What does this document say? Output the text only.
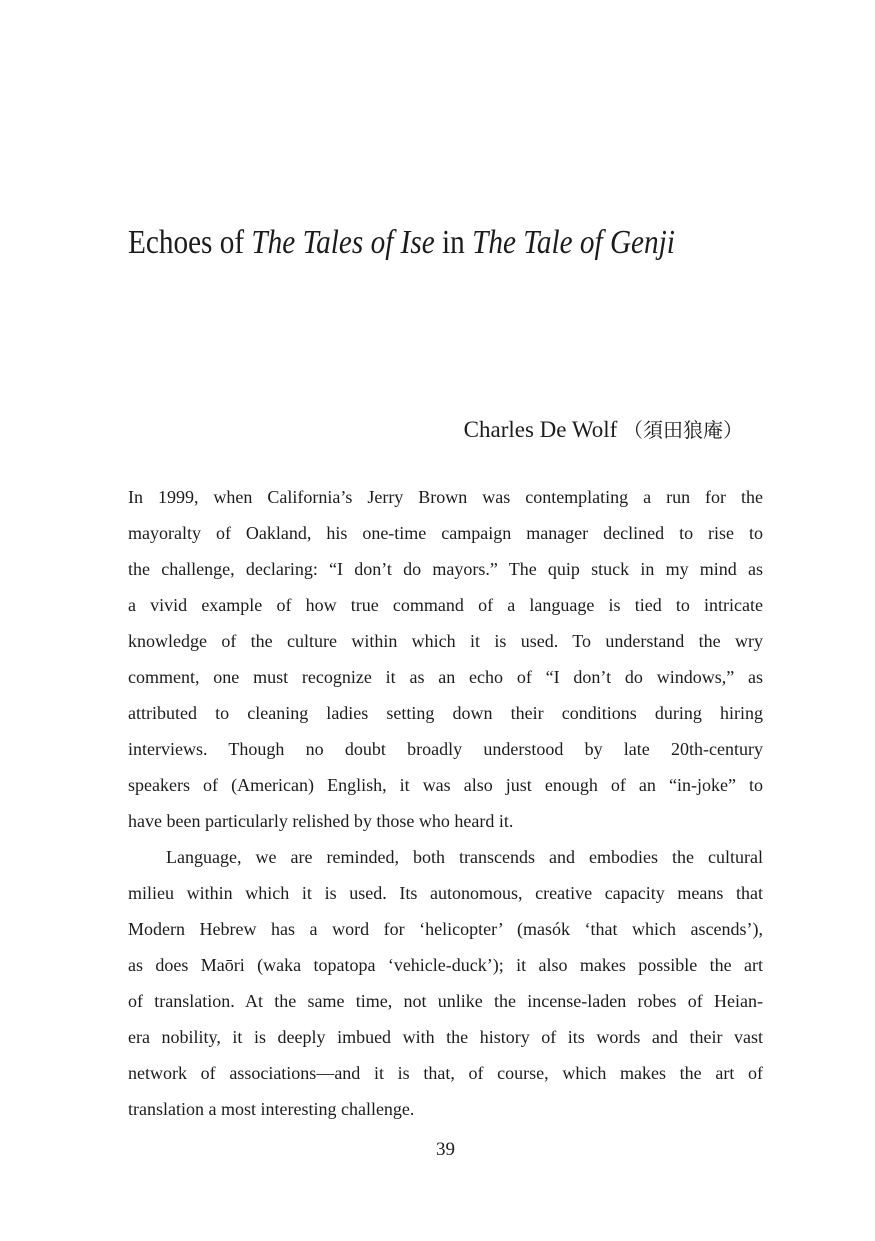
Echoes of The Tales of Ise in The Tale of Genji
Charles De Wolf （須田狼庵）
In 1999, when California’s Jerry Brown was contemplating a run for the
mayoralty of Oakland, his one-time campaign manager declined to rise to
the challenge, declaring: “I don’t do mayors.” The quip stuck in my mind as
a vivid example of how true command of a language is tied to intricate
knowledge of the culture within which it is used. To understand the wry
comment, one must recognize it as an echo of “I don’t do windows,” as
attributed to cleaning ladies setting down their conditions during hiring
interviews. Though no doubt broadly understood by late 20th-century
speakers of (American) English, it was also just enough of an “in-joke” to
have been particularly relished by those who heard it.
Language, we are reminded, both transcends and embodies the cultural
milieu within which it is used. Its autonomous, creative capacity means that
Modern Hebrew has a word for ‘helicopter’ (masók ‘that which ascends’),
as does Maōri (waka topatopa ‘vehicle-duck’); it also makes possible the art
of translation. At the same time, not unlike the incense-laden robes of Heian-
era nobility, it is deeply imbued with the history of its words and their vast
network of associations—and it is that, of course, which makes the art of
translation a most interesting challenge.
39
